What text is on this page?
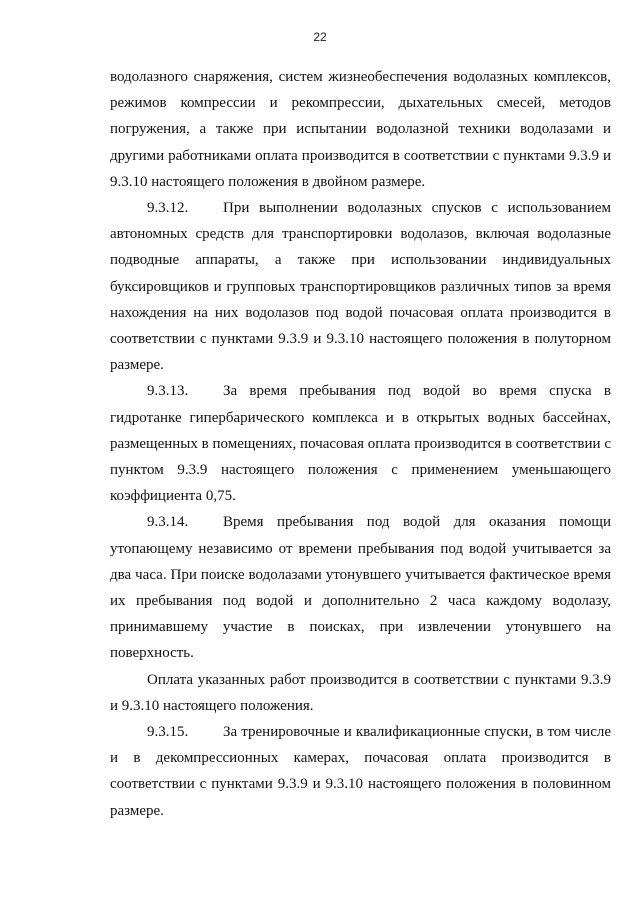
22

водолазного снаряжения, систем жизнеобеспечения водолазных комплексов, режимов компрессии и рекомпрессии, дыхательных смесей, методов погружения, а также при испытании водолазной техники водолазами и другими работниками оплата производится в соответствии с пунктами 9.3.9 и 9.3.10 настоящего положения в двойном размере.

9.3.12. При выполнении водолазных спусков с использованием автономных средств для транспортировки водолазов, включая водолазные подводные аппараты, а также при использовании индивидуальных буксировщиков и групповых транспортировщиков различных типов за время нахождения на них водолазов под водой почасовая оплата производится в соответствии с пунктами 9.3.9 и 9.3.10 настоящего положения в полуторном размере.

9.3.13. За время пребывания под водой во время спуска в гидротанке гипербарического комплекса и в открытых водных бассейнах, размещенных в помещениях, почасовая оплата производится в соответствии с пунктом 9.3.9 настоящего положения с применением уменьшающего коэффициента 0,75.

9.3.14. Время пребывания под водой для оказания помощи утопающему независимо от времени пребывания под водой учитывается за два часа. При поиске водолазами утонувшего учитывается фактическое время их пребывания под водой и дополнительно 2 часа каждому водолазу, принимавшему участие в поисках, при извлечении утонувшего на поверхность.

Оплата указанных работ производится в соответствии с пунктами 9.3.9 и 9.3.10 настоящего положения.

9.3.15. За тренировочные и квалификационные спуски, в том числе и в декомпрессионных камерах, почасовая оплата производится в соответствии с пунктами 9.3.9 и 9.3.10 настоящего положения в половинном размере.
